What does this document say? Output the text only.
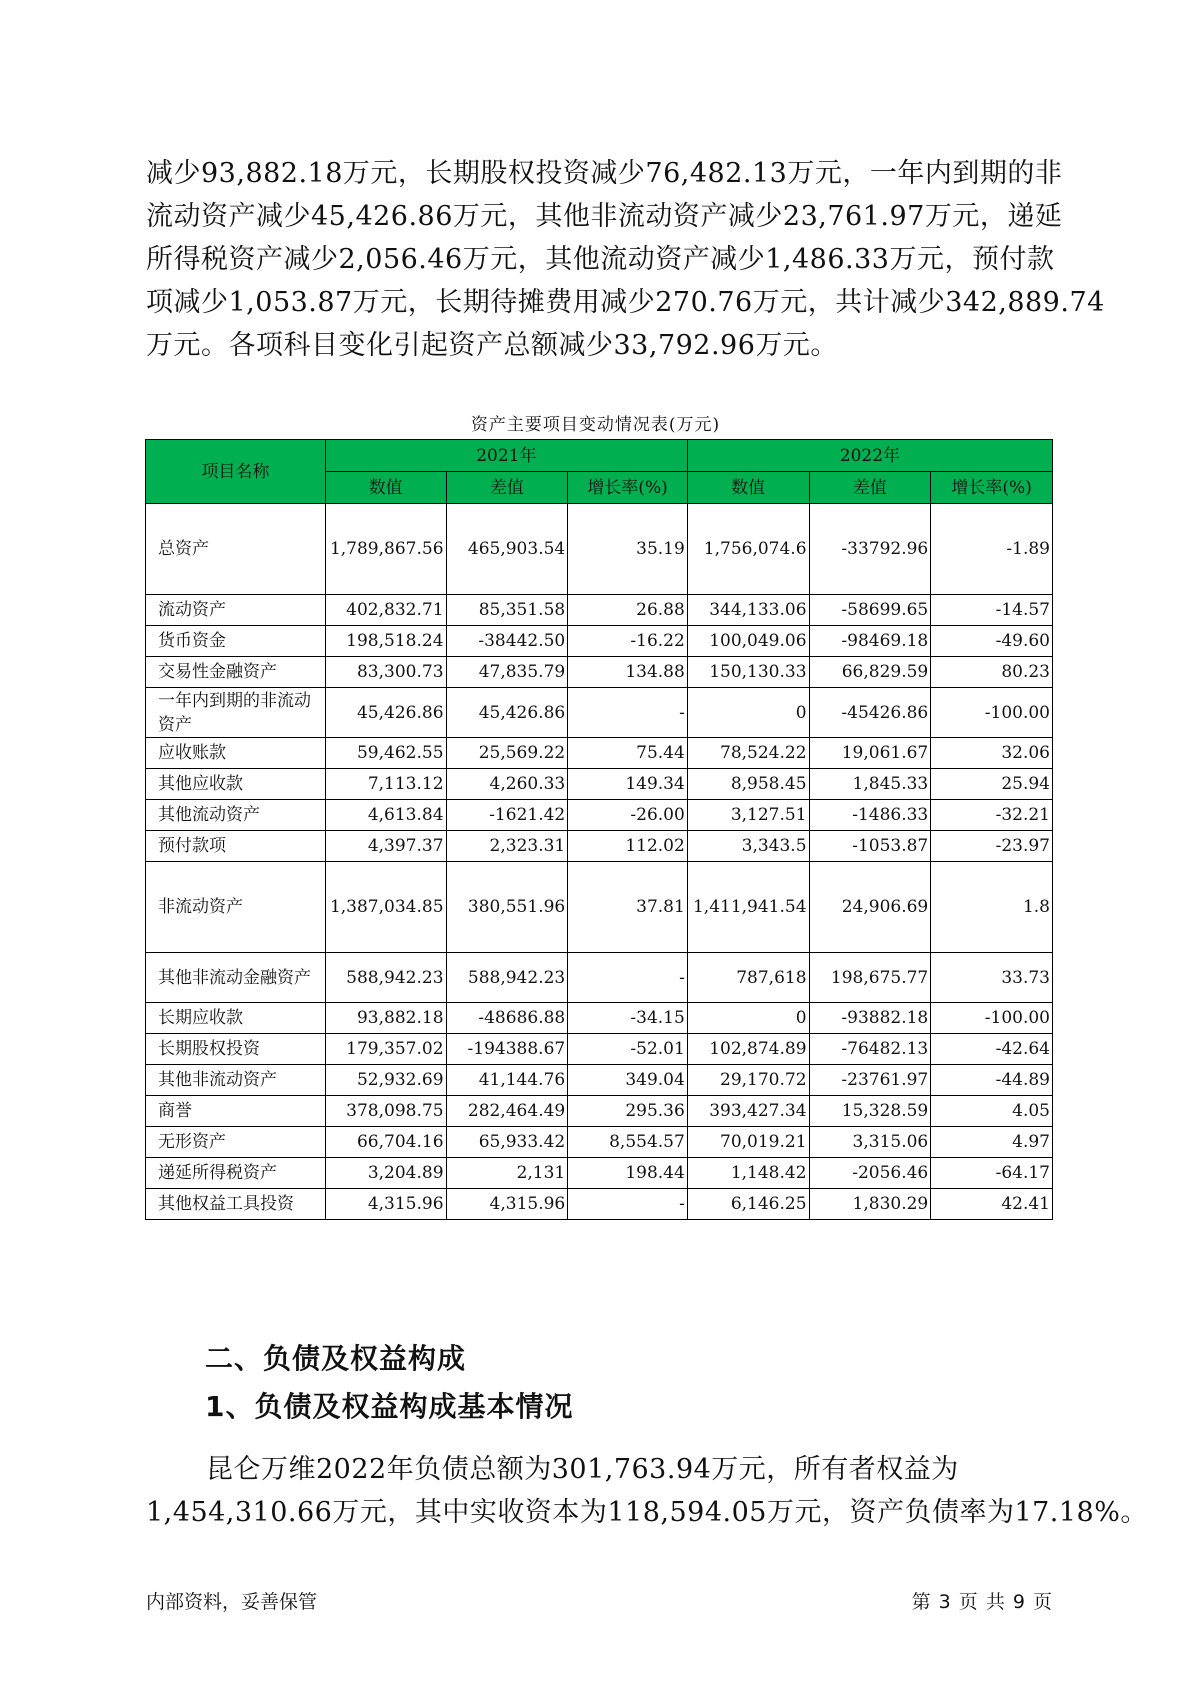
减少93,882.18万元，长期股权投资减少76,482.13万元，一年内到期的非
流动资产减少45,426.86万元，其他非流动资产减少23,761.97万元，递延
所得税资产减少2,056.46万元，其他流动资产减少1,486.33万元，预付款
项减少1,053.87万元，长期待摊费用减少270.76万元，共计减少342,889.74
万元。各项科目变化引起资产总额减少33,792.96万元。
资产主要项目变动情况表(万元)
项目名称	2021年			2022年		
	数值	差值	增长率(%)	数值	差值	增长率(%)
总资产	1,789,867.56	465,903.54	35.19	1,756,074.6	-33792.96	-1.89
流动资产	402,832.71	85,351.58	26.88	344,133.06	-58699.65	-14.57
货币资金	198,518.24	-38442.50	-16.22	100,049.06	-98469.18	-49.60
交易性金融资产	83,300.73	47,835.79	134.88	150,130.33	66,829.59	80.23
一年内到期的非流动资产	45,426.86	45,426.86	-	0	-45426.86	-100.00
应收账款	59,462.55	25,569.22	75.44	78,524.22	19,061.67	32.06
其他应收款	7,113.12	4,260.33	149.34	8,958.45	1,845.33	25.94
其他流动资产	4,613.84	-1621.42	-26.00	3,127.51	-1486.33	-32.21
预付款项	4,397.37	2,323.31	112.02	3,343.5	-1053.87	-23.97
非流动资产	1,387,034.85	380,551.96	37.81	1,411,941.54	24,906.69	1.8
其他非流动金融资产	588,942.23	588,942.23	-	787,618	198,675.77	33.73
长期应收款	93,882.18	-48686.88	-34.15	0	-93882.18	-100.00
长期股权投资	179,357.02	-194388.67	-52.01	102,874.89	-76482.13	-42.64
其他非流动资产	52,932.69	41,144.76	349.04	29,170.72	-23761.97	-44.89
商誉	378,098.75	282,464.49	295.36	393,427.34	15,328.59	4.05
无形资产	66,704.16	65,933.42	8,554.57	70,019.21	3,315.06	4.97
递延所得税资产	3,204.89	2,131	198.44	1,148.42	-2056.46	-64.17
其他权益工具投资	4,315.96	4,315.96	-	6,146.25	1,830.29	42.41
二、负债及权益构成
1、负债及权益构成基本情况
昆仑万维2022年负债总额为301,763.94万元，所有者权益为
1,454,310.66万元，其中实收资本为118,594.05万元，资产负债率为17.18%。
内部资料，妥善保管	第 3 页 共 9 页
